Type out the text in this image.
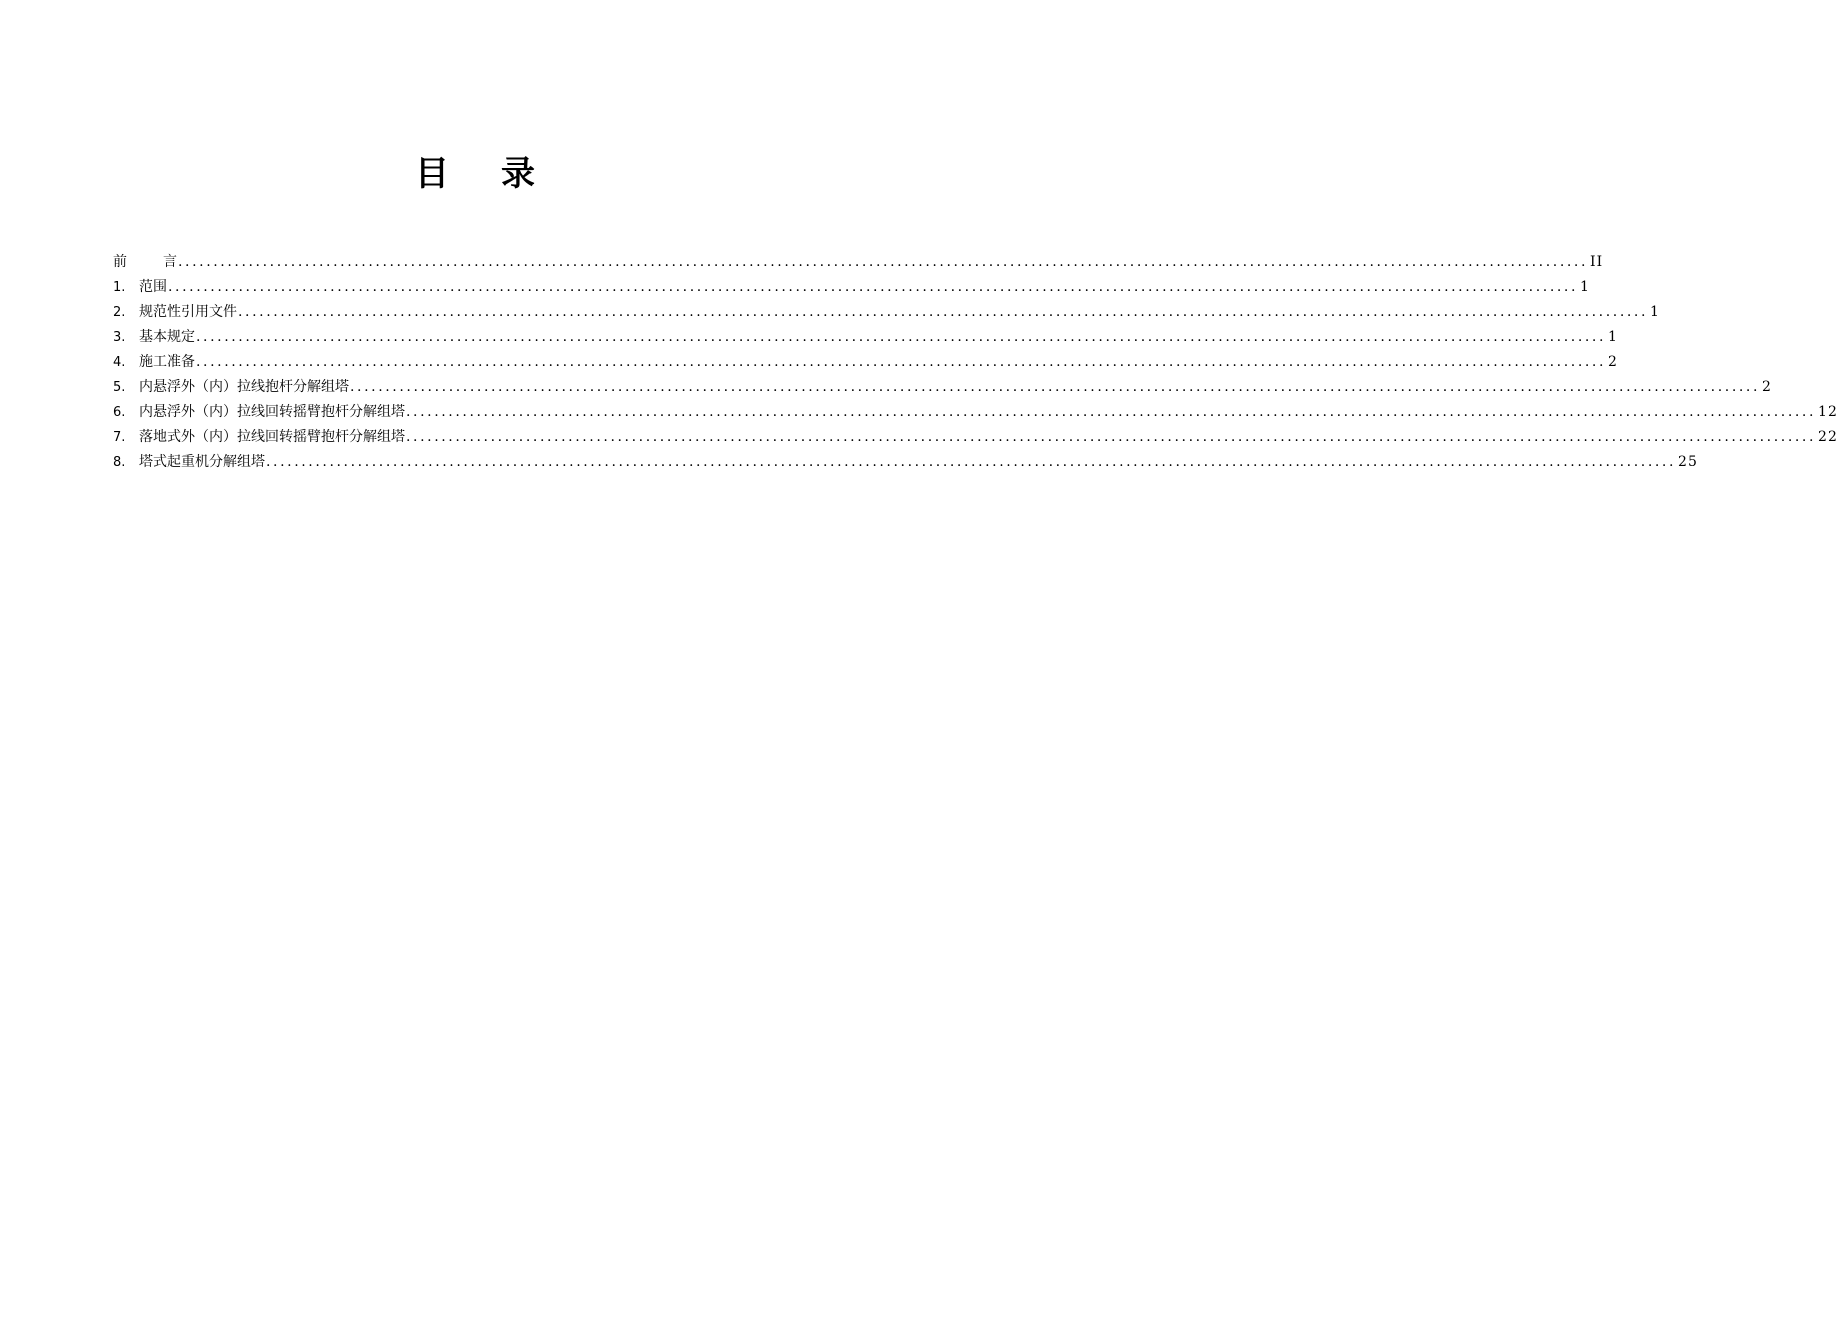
目 录
前	言 ........................................................................................................................................................................................................ II
1. 范围 ........................................................................................................................................................................................................ 1
2. 规范性引用文件 ........................................................................................................................................................................................................ 1
3. 基本规定 ........................................................................................................................................................................................................ 1
4. 施工准备 ........................................................................................................................................................................................................ 2
5. 内悬浮外（内）拉线抱杆分解组塔 ........................................................................................................................................................................................................ 2
6. 内悬浮外（内）拉线回转摇臂抱杆分解组塔 ........................................................................................................................................................................................................ 12
7. 落地式外（内）拉线回转摇臂抱杆分解组塔 ........................................................................................................................................................................................................ 22
8. 塔式起重机分解组塔 ........................................................................................................................................................................................................ 25
